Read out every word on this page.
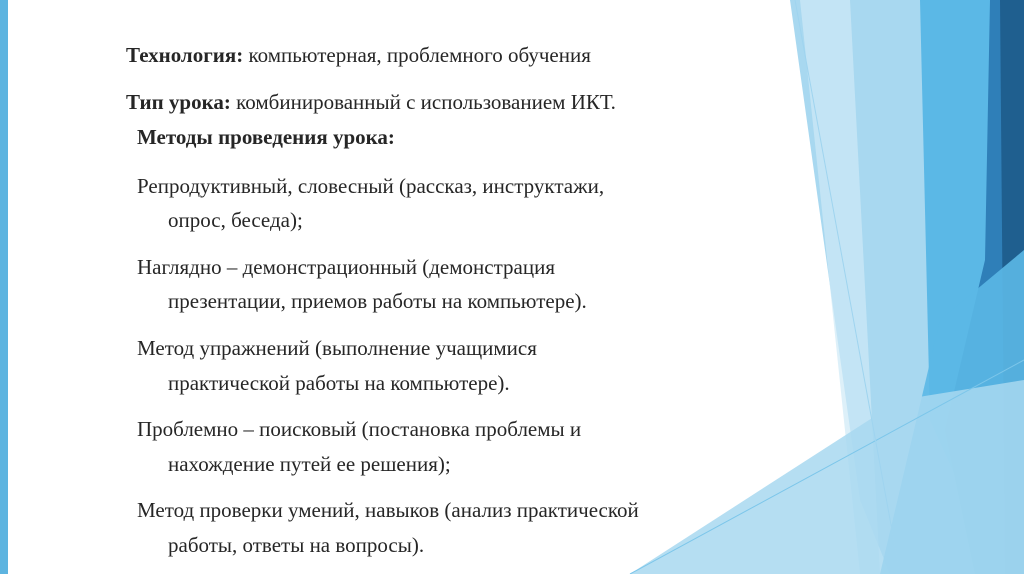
Технология: компьютерная, проблемного обучения
Тип урока: комбинированный с использованием ИКТ.
Методы проведения урока:
Репродуктивный, словесный (рассказ, инструктажи,
опрос, беседа);
Наглядно – демонстрационный (демонстрация
презентации, приемов работы на компьютере).
Метод упражнений (выполнение учащимися
практической работы на компьютере).
Проблемно – поисковый (постановка проблемы и
нахождение путей ее решения);
Метод проверки умений, навыков (анализ практической
работы, ответы на вопросы).
